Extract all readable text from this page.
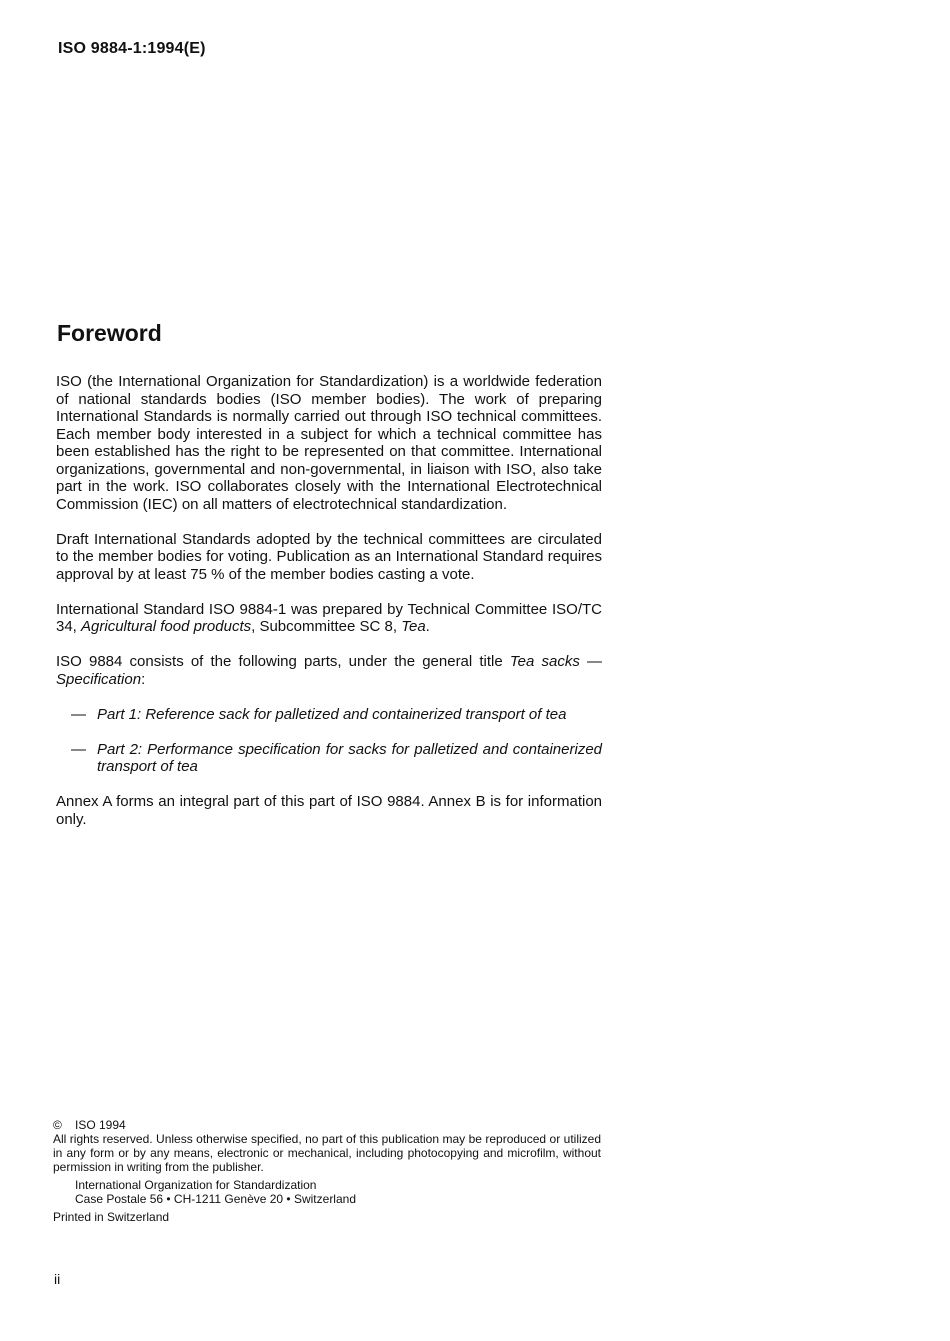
ISO 9884-1:1994(E)
Foreword

ISO (the International Organization for Standardization) is a worldwide federation of national standards bodies (ISO member bodies). The work of preparing International Standards is normally carried out through ISO technical committees. Each member body interested in a subject for which a technical committee has been established has the right to be represented on that committee. International organizations, governmental and non-governmental, in liaison with ISO, also take part in the work. ISO collaborates closely with the International Electrotechnical Commission (IEC) on all matters of electrotechnical standardization.

Draft International Standards adopted by the technical committees are circulated to the member bodies for voting. Publication as an International Standard requires approval by at least 75 % of the member bodies casting a vote.

International Standard ISO 9884-1 was prepared by Technical Committee ISO/TC 34, Agricultural food products, Subcommittee SC 8, Tea.

ISO 9884 consists of the following parts, under the general title Tea sacks — Specification:

— Part 1: Reference sack for palletized and containerized transport of tea
— Part 2: Performance specification for sacks for palletized and containerized transport of tea

Annex A forms an integral part of this part of ISO 9884. Annex B is for information only.

© ISO 1994

All rights reserved. Unless otherwise specified, no part of this publication may be reproduced or utilized in any form or by any means, electronic or mechanical, including photocopying and microfilm, without permission in writing from the publisher.

International Organization for Standardization
Case Postale 56 • CH-1211 Genève 20 • Switzerland

Printed in Switzerland

ii
